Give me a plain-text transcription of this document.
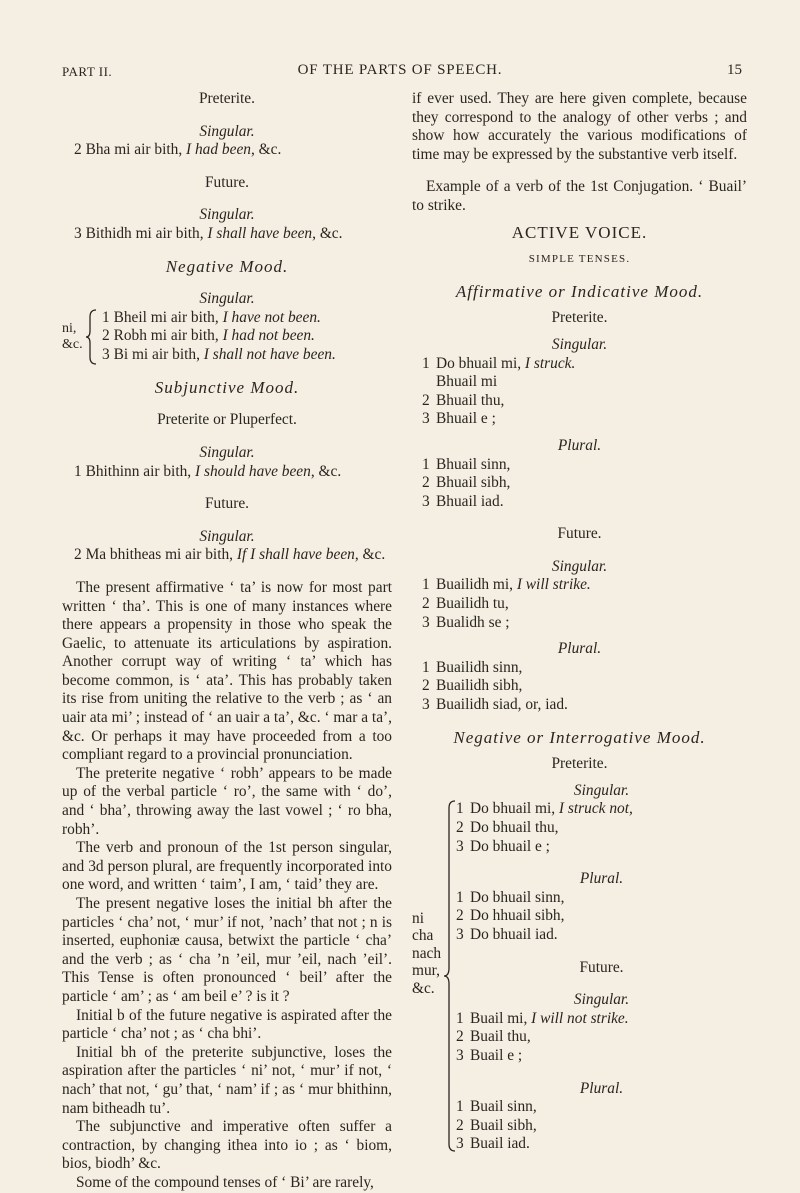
PART II.	OF THE PARTS OF SPEECH.	15
Preterite.
Singular.
2 Bha mi air bith, I had been, &c.
Future.
Singular.
3 Bithidh mi air bith, I shall have been, &c.
Negative Mood.
Singular.
ni,
&c.
1 Bheil mi air bith, I have not been.
2 Robh mi air bith, I had not been.
3 Bi mi air bith, I shall not have been.
Subjunctive Mood.
Preterite or Pluperfect.
Singular.
1 Bhithinn air bith, I should have been, &c.
Future.
Singular.
2 Ma bhitheas mi air bith, If I shall have been, &c.

The present affirmative ‘ ta’ is now for most part written ‘ tha’. This is one of many instances where there appears a propensity in those who speak the Gaelic, to attenuate its articulations by aspiration. Another corrupt way of writing ‘ ta’ which has become common, is ‘ ata’. This has probably taken its rise from uniting the relative to the verb ; as ‘ an uair ata mi’ ; instead of ‘ an uair a ta’, &c. ‘ mar a ta’, &c. Or perhaps it may have proceeded from a too compliant regard to a provincial pronunciation.

The preterite negative ‘ robh’ appears to be made up of the verbal particle ‘ ro’, the same with ‘ do’, and ‘ bha’, throwing away the last vowel ; ‘ ro bha, robh’.

The verb and pronoun of the 1st person singular, and 3d person plural, are frequently incorporated into one word, and written ‘ taim’, I am, ‘ taid’ they are.

The present negative loses the initial bh after the particles ‘ cha’ not, ‘ mur’ if not, ’nach’ that not ; n is inserted, euphoniæ causa, betwixt the particle ‘ cha’ and the verb ; as ‘ cha ’n ’eil, mur ’eil, nach ’eil’. This Tense is often pronounced ‘ beil’ after the particle ‘ am’ ; as ‘ am beil e’ ? is it ?

Initial b of the future negative is aspirated after the particle ‘ cha’ not ; as ‘ cha bhi’.

Initial bh of the preterite subjunctive, loses the aspiration after the particles ‘ ni’ not, ‘ mur’ if not, ‘ nach’ that not, ‘ gu’ that, ‘ nam’ if ; as ‘ mur bhithinn, nam bitheadh tu’.

The subjunctive and imperative often suffer a contraction, by changing ithea into io ; as ‘ biom, bios, biodh’ &c.

Some of the compound tenses of ‘ Bi’ are rarely,

if ever used. They are here given complete, because they correspond to the analogy of other verbs ; and show how accurately the various modifications of time may be expressed by the substantive verb itself.

Example of a verb of the 1st Conjugation. ‘ Buail’ to strike.

ACTIVE VOICE.
SIMPLE TENSES.
Affirmative or Indicative Mood.
Preterite.
Singular.
1 Do bhuail mi, I struck.
Bhuail mi
2 Bhuail thu,
3 Bhuail e ;
Plural.
1 Bhuail sinn,
2 Bhuail sibh,
3 Bhuail iad.
Future.
Singular.
1 Buailidh mi, I will strike.
2 Buailidh tu,
3 Bualidh se ;
Plural.
1 Buailidh sinn,
2 Buailidh sibh,
3 Buailidh siad, or, iad.
Negative or Interrogative Mood.
Preterite.
ni
cha
nach
mur,
&c.
Singular.
1 Do bhuail mi, I struck not,
2 Do bhuail thu,
3 Do bhuail e ;
Plural.
1 Do bhuail sinn,
2 Do hhuail sibh,
3 Do bhuail iad.
Future.
Singular.
1 Buail mi, I will not strike.
2 Buail thu,
3 Buail e ;
Plural.
1 Buail sinn,
2 Buail sibh,
3 Buail iad.
